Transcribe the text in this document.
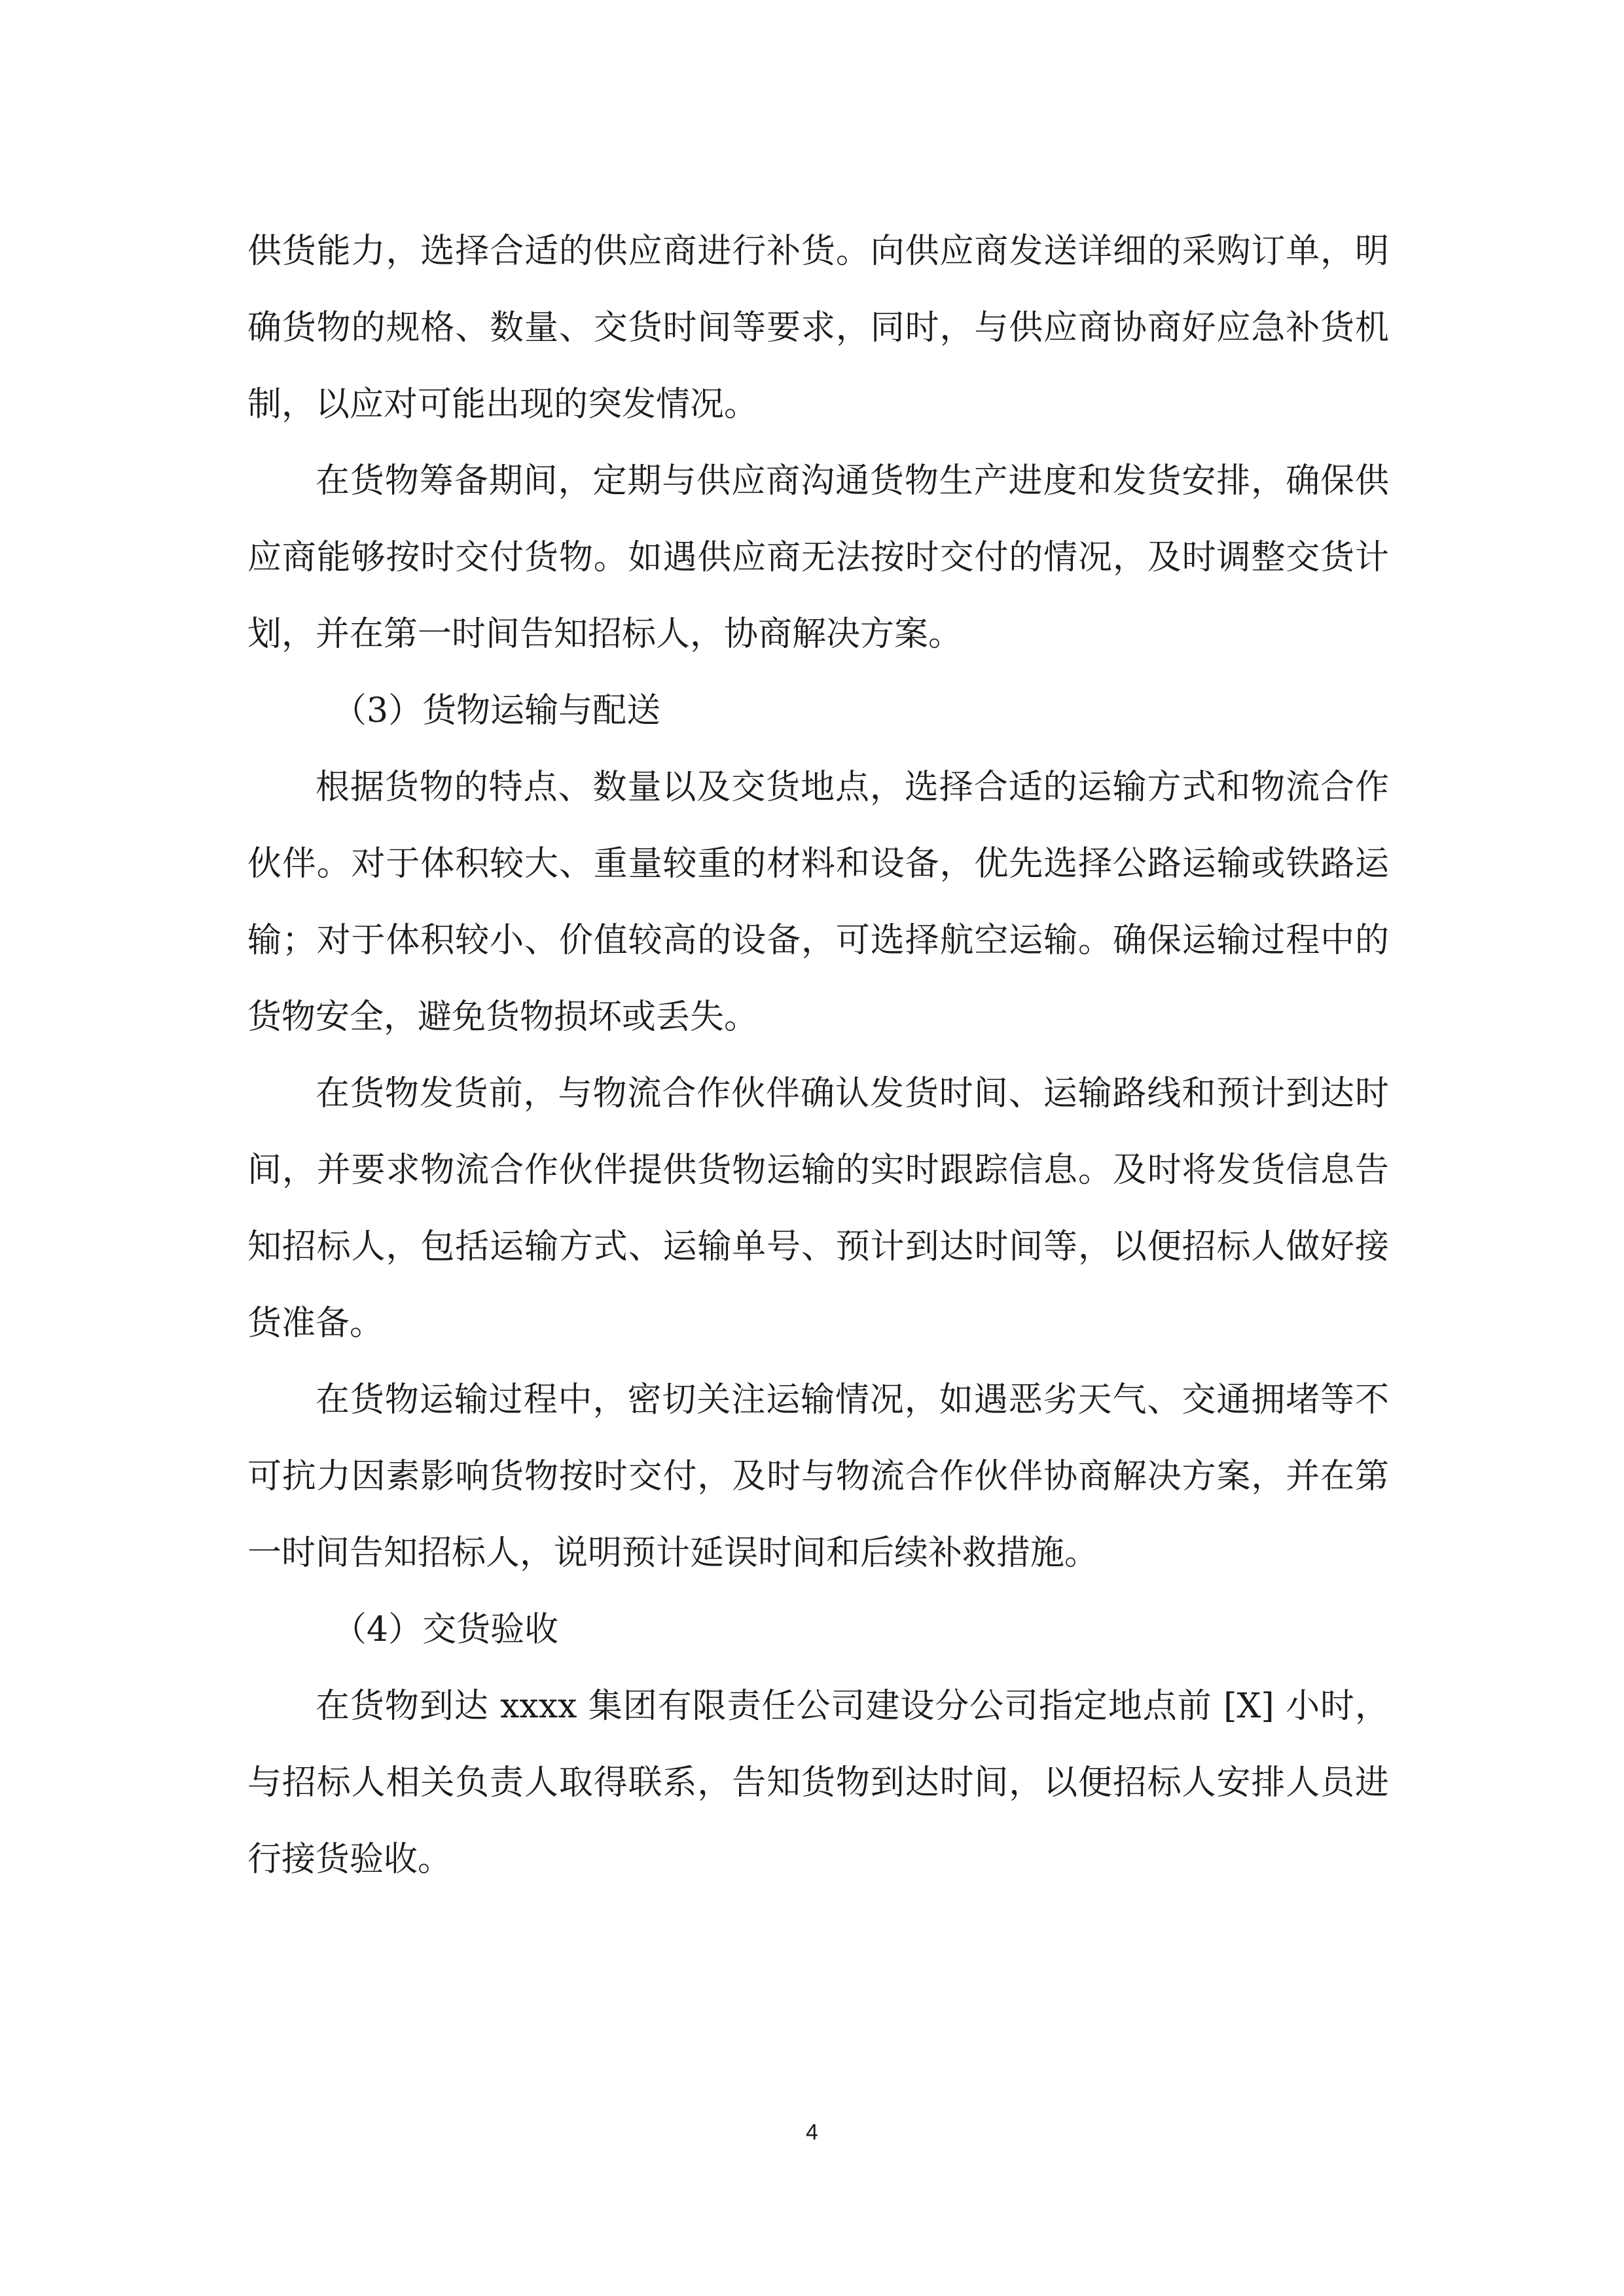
供货能力，选择合适的供应商进行补货。向供应商发送详细的采购订单，明确货物的规格、数量、交货时间等要求，同时，与供应商协商好应急补货机制，以应对可能出现的突发情况。

在货物筹备期间，定期与供应商沟通货物生产进度和发货安排，确保供应商能够按时交付货物。如遇供应商无法按时交付的情况，及时调整交货计划，并在第一时间告知招标人，协商解决方案。

（3）货物运输与配送

根据货物的特点、数量以及交货地点，选择合适的运输方式和物流合作伙伴。对于体积较大、重量较重的材料和设备，优先选择公路运输或铁路运输；对于体积较小、价值较高的设备，可选择航空运输。确保运输过程中的货物安全，避免货物损坏或丢失。

在货物发货前，与物流合作伙伴确认发货时间、运输路线和预计到达时间，并要求物流合作伙伴提供货物运输的实时跟踪信息。及时将发货信息告知招标人，包括运输方式、运输单号、预计到达时间等，以便招标人做好接货准备。

在货物运输过程中，密切关注运输情况，如遇恶劣天气、交通拥堵等不可抗力因素影响货物按时交付，及时与物流合作伙伴协商解决方案，并在第一时间告知招标人，说明预计延误时间和后续补救措施。

（4）交货验收

在货物到达 xxxx 集团有限责任公司建设分公司指定地点前 [X] 小时，与招标人相关负责人取得联系，告知货物到达时间，以便招标人安排人员进行接货验收。

4
